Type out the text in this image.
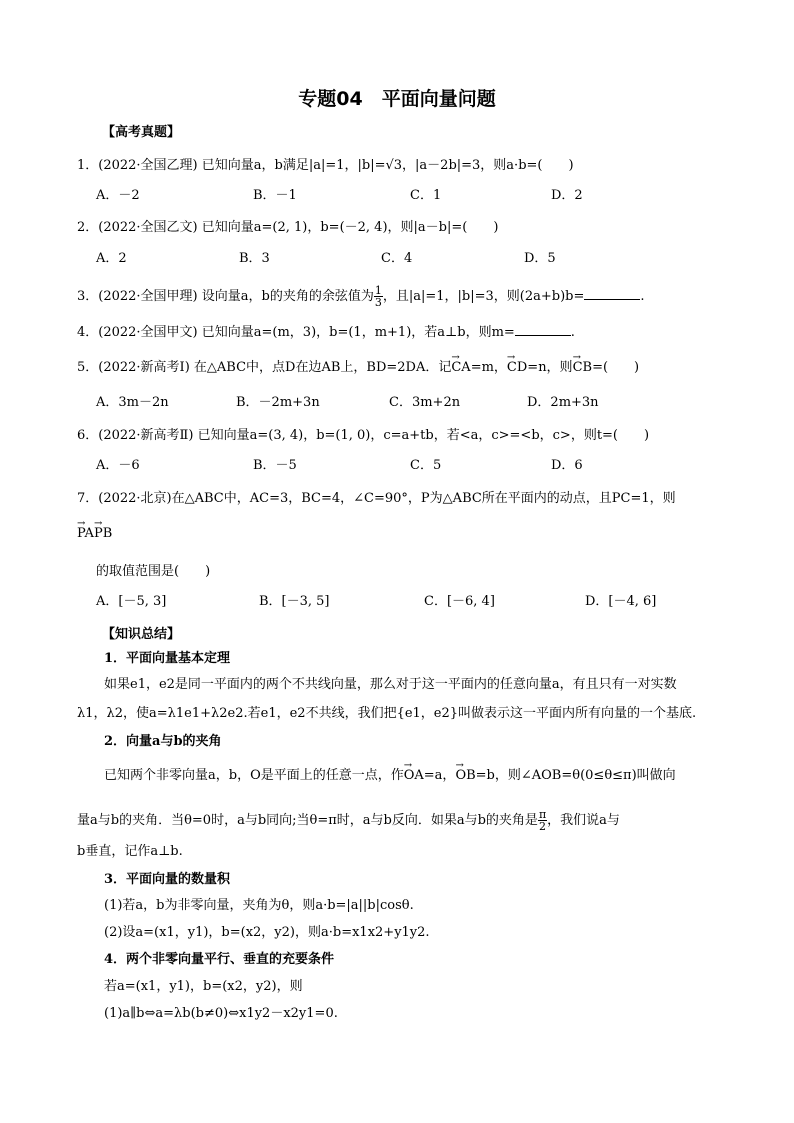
专题04　平面向量问题
【高考真题】
1．(2022·全国乙理) 已知向量a，b满足|a|=1，|b|=√3，|a－2b|=3，则a·b=(　　)
A．－2	B．－1	C．1	D．2
2．(2022·全国乙文) 已知向量a=(2, 1)，b=(－2, 4)，则|a－b|=(　　)
A．2	B．3	C．4	D．5
3．(2022·全国甲理) 设向量a，b的夹角的余弦值为 $\frac{1}{3}$ ，且|a|=1，|b|=3，则(2a+b)b=	.
4．(2022·全国甲文) 已知向量a=(m，3)，b=(1，m+1)，若a⊥b，则m=	.
5．(2022·新高考Ⅰ) 在△ABC中，点D在边AB上，BD=2DA．记→ CA=m，→ CD=n，则→ CB=(　　)
A．3m－2n	B．－2m+3n	C．3m+2n	D．2m+3n
6．(2022·新高考Ⅱ) 已知向量a=(3, 4)，b=(1, 0)，c=a+tb，若<a，c>=<b，c>，则t=(　　)
A．－6	B．－5	C．5	D．6
7．(2022·北京)在△ABC中，AC=3，BC=4，∠C=90°，P为△ABC所在平面内的动点，且PC=1，则
→ PA→ PB
的取值范围是(　　)
A．[－5, 3]	B．[－3, 5]	C．[－6, 4]	D．[－4, 6]
【知识总结】
1．平面向量基本定理
如果e1，e2是同一平面内的两个不共线向量，那么对于这一平面内的任意向量a，有且只有一对实数
λ1，λ2，使a=λ1e1+λ2e2.若e1，e2不共线，我们把{e1，e2}叫做表示这一平面内所有向量的一个基底.
2．向量a与b的夹角
已知两个非零向量a，b，O是平面上的任意一点，作→ OA=a，→ OB=b，则∠AOB=θ(0≤θ≤π)叫做向
量a与b的夹角．当θ=0时，a与b同向;当θ=π时，a与b反向．如果a与b的夹角是 $\frac{\pi}{2}$ ，我们说a与
b垂直，记作a⊥b.
3．平面向量的数量积
(1)若a，b为非零向量，夹角为θ，则a·b=|a||b|cosθ.
(2)设a=(x1，y1)，b=(x2，y2)，则a·b=x1x2+y1y2.
4．两个非零向量平行、垂直的充要条件
若a=(x1，y1)，b=(x2，y2)，则
(1)a∥b⇔a=λb(b≠0)⇔x1y2－x2y1=0.
